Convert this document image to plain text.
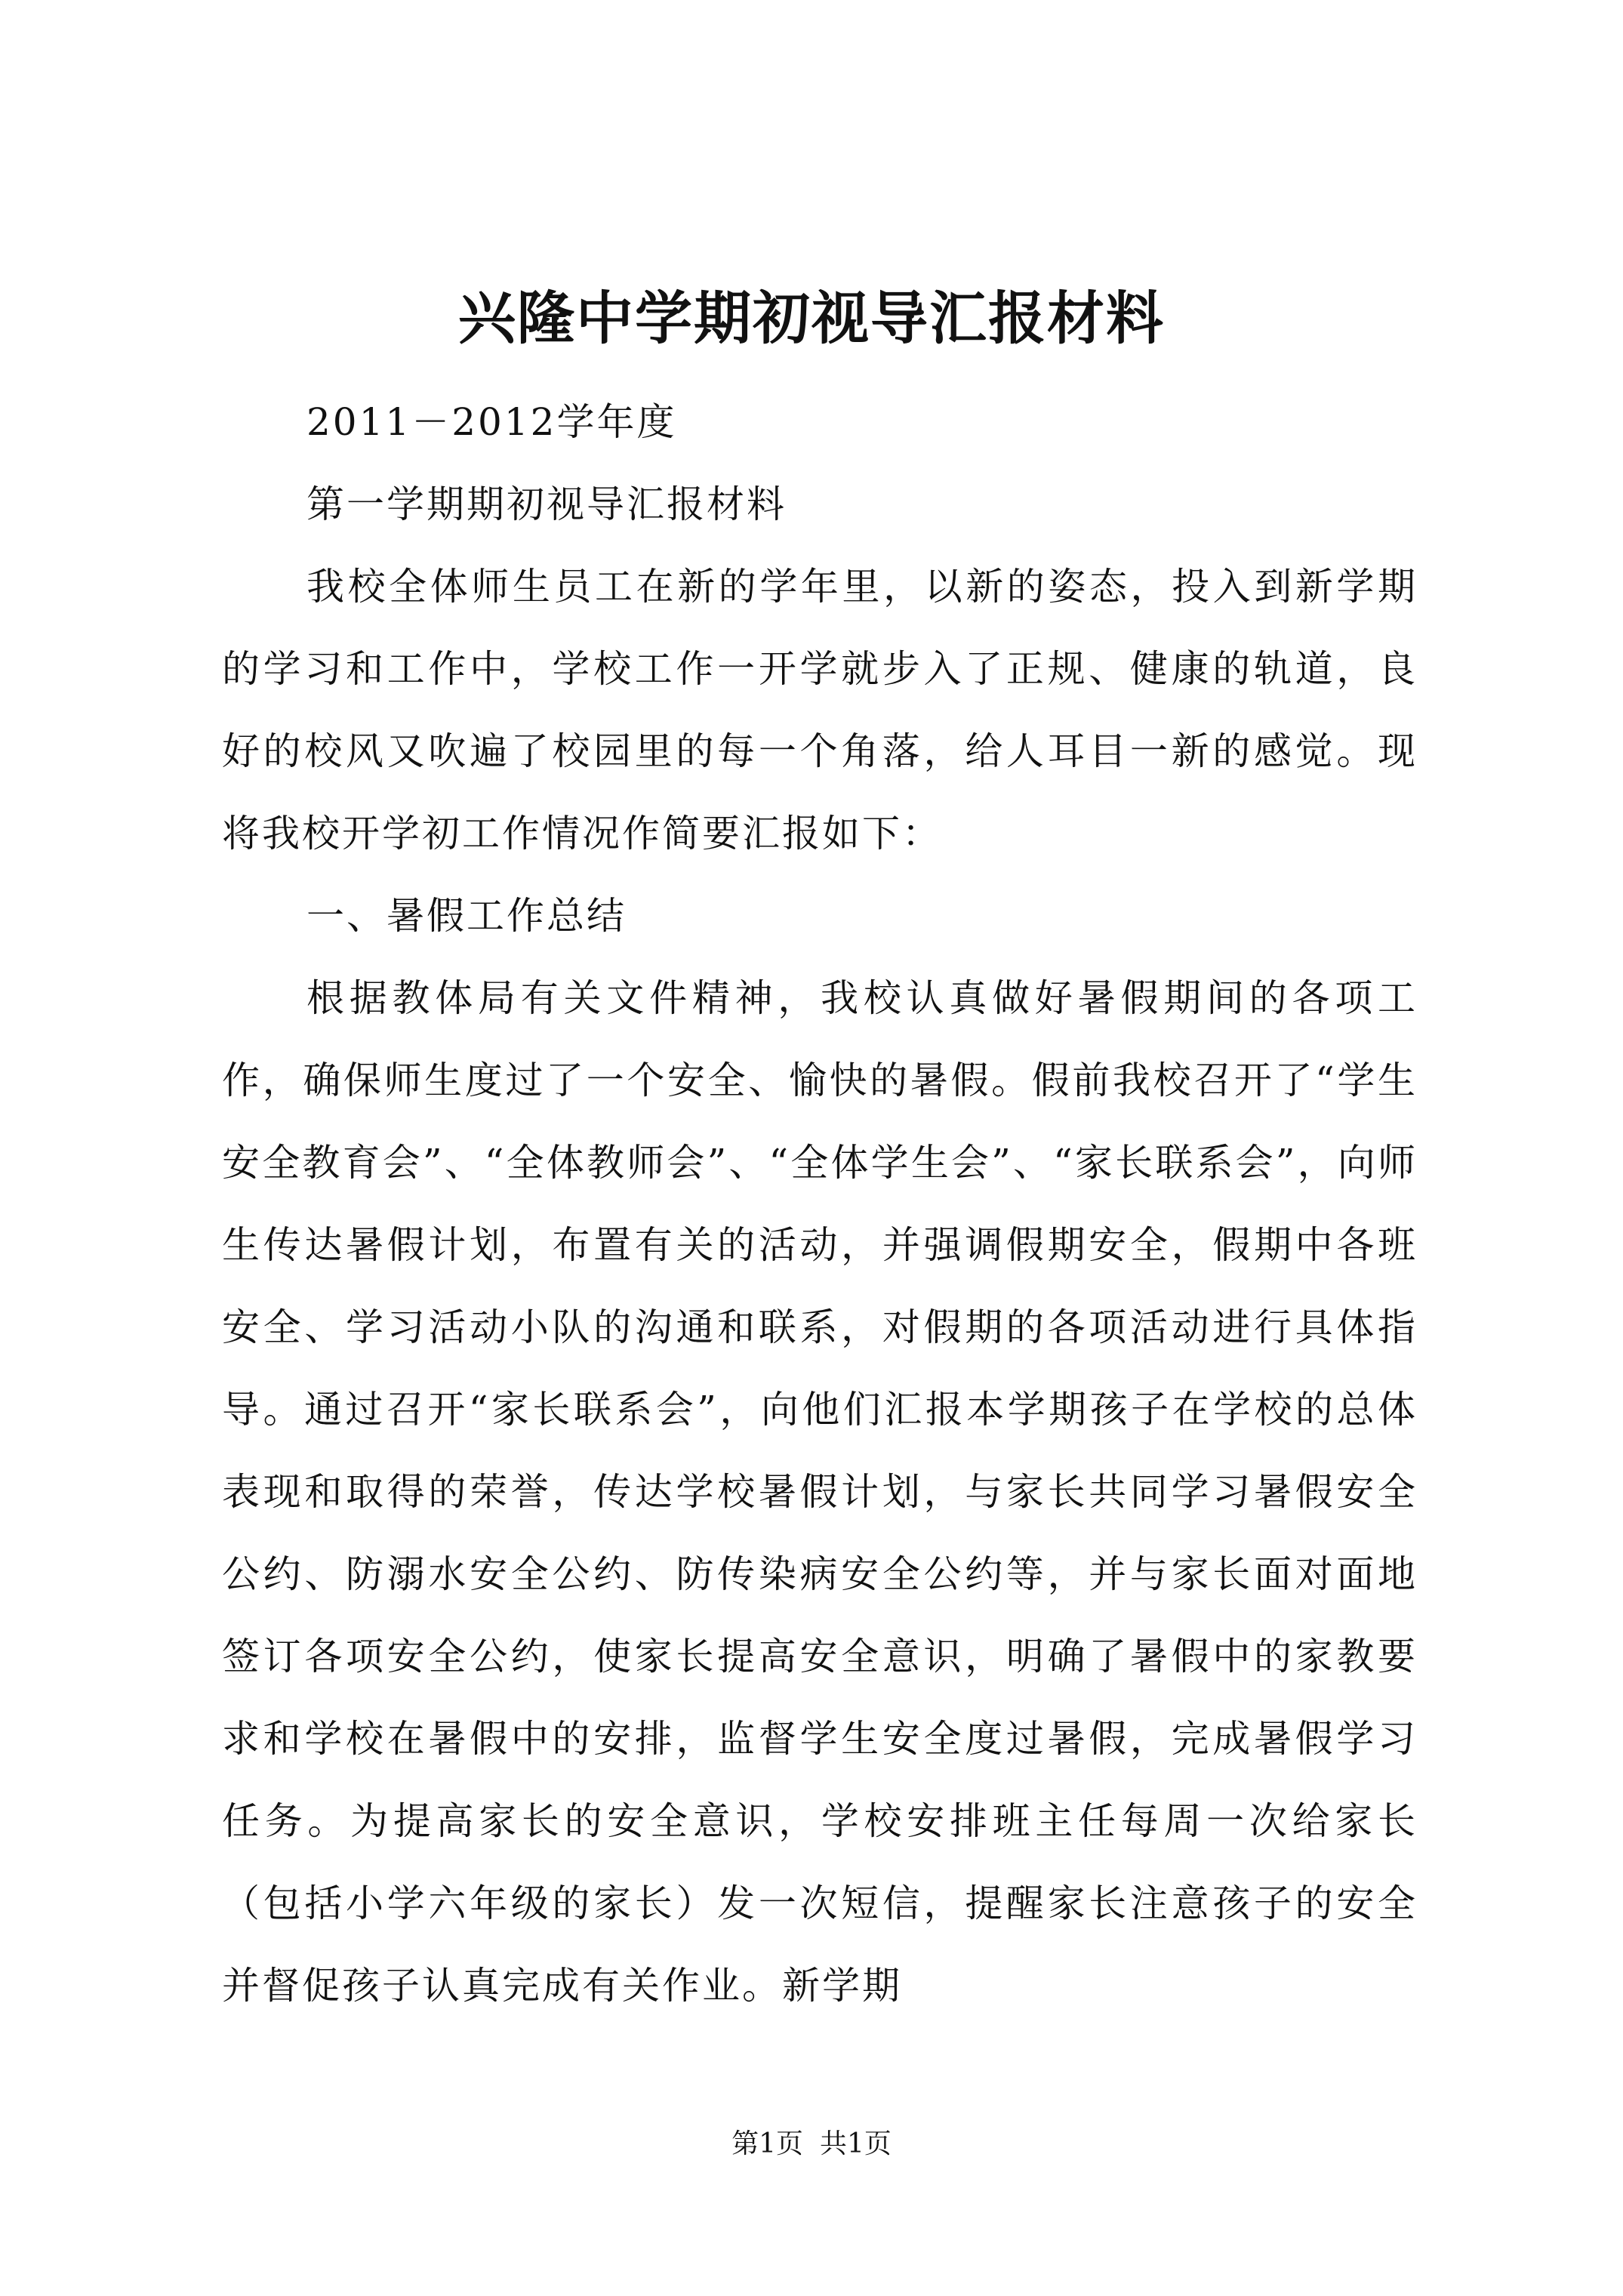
兴隆中学期初视导汇报材料

2011－2012学年度

第一学期期初视导汇报材料

我校全体师生员工在新的学年里，以新的姿态，投入到新学期的学习和工作中，学校工作一开学就步入了正规、健康的轨道，良好的校风又吹遍了校园里的每一个角落，给人耳目一新的感觉。现将我校开学初工作情况作简要汇报如下：

一、暑假工作总结

根据教体局有关文件精神，我校认真做好暑假期间的各项工作，确保师生度过了一个安全、愉快的暑假。假前我校召开了“学生安全教育会”、“全体教师会”、“全体学生会”、“家长联系会”，向师生传达暑假计划，布置有关的活动，并强调假期安全，假期中各班安全、学习活动小队的沟通和联系，对假期的各项活动进行具体指导。通过召开“家长联系会”，向他们汇报本学期孩子在学校的总体表现和取得的荣誉，传达学校暑假计划，与家长共同学习暑假安全公约、防溺水安全公约、防传染病安全公约等，并与家长面对面地签订各项安全公约，使家长提高安全意识，明确了暑假中的家教要求和学校在暑假中的安排，监督学生安全度过暑假，完成暑假学习任务。为提高家长的安全意识，学校安排班主任每周一次给家长（包括小学六年级的家长）发一次短信，提醒家长注意孩子的安全并督促孩子认真完成有关作业。新学期

第1页 共1页
